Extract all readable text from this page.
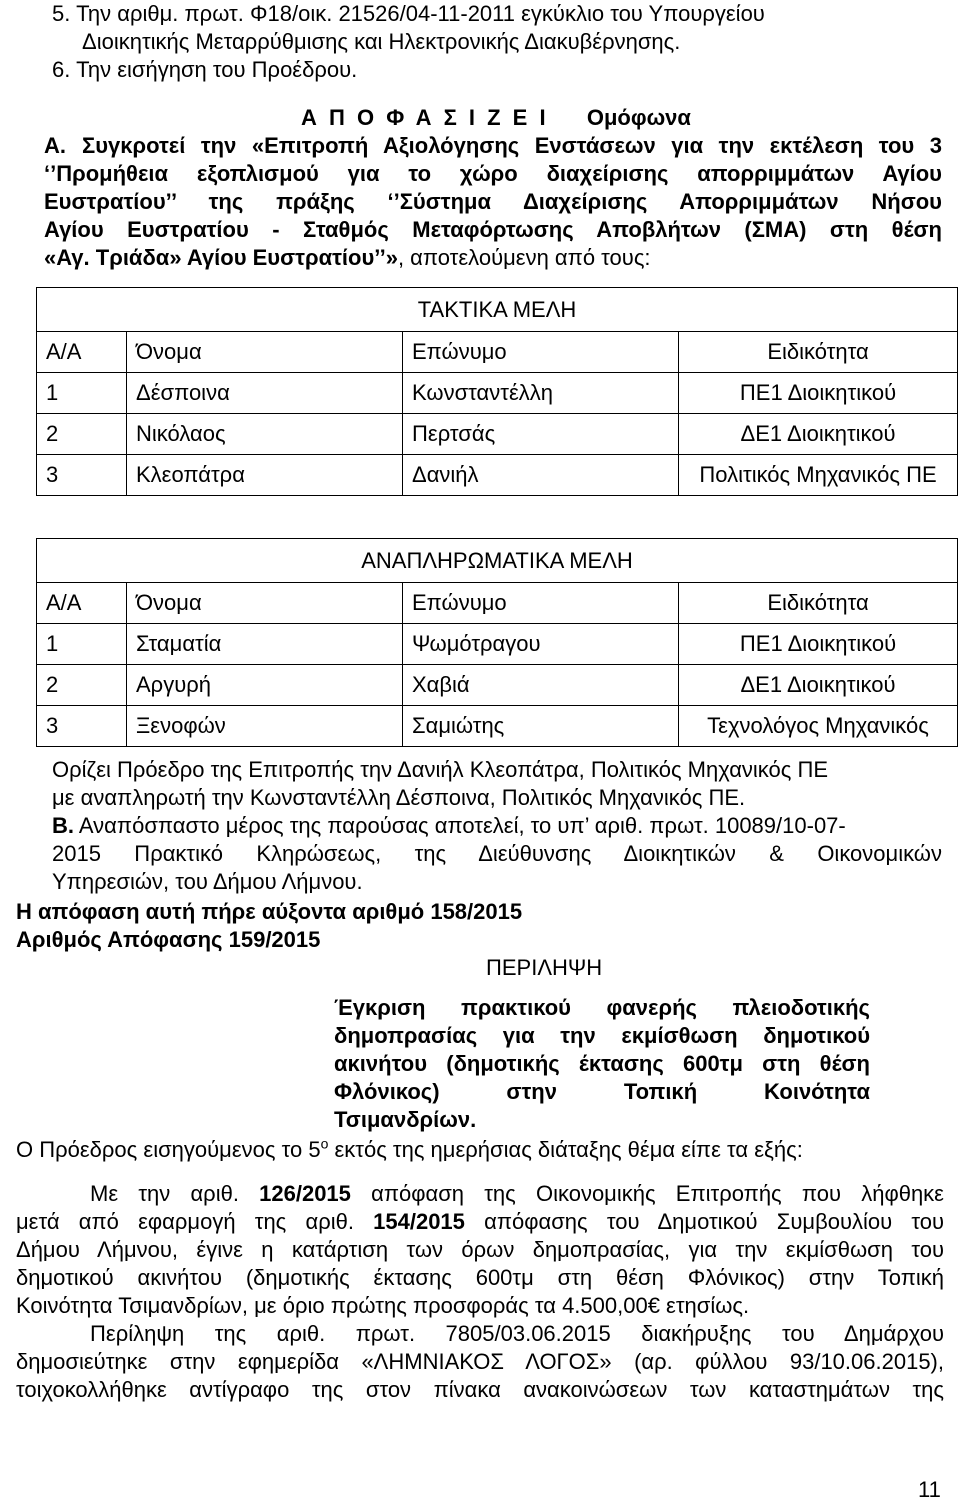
5. Την αριθμ. πρωτ. Φ18/οικ. 21526/04-11-2011 εγκύκλιο του Υπουργείου
Διοικητικής Μεταρρύθμισης και Ηλεκτρονικής Διακυβέρνησης.
6. Την εισήγηση του Προέδρου.
Α Π Ο Φ Α Σ Ι Ζ Ε Ι Ομόφωνα
Α.
‘’Προμήθεια εξοπλισμού για το χώρο διαχείρισης απορριμμάτων Αγίου
Ευστρατίου’’ της πράξης ‘’Σύστημα Διαχείρισης Απορριμμάτων Νήσου
Αγίου Ευστρατίου - Σταθμός Μεταφόρτωσης Αποβλήτων (ΣΜΑ) στη θέση
Συγκροτεί την «Επιτροπή Αξιολόγησης Ενστάσεων για την εκτέλεση του 3
«Αγ. Τριάδα» Αγίου Ευστρατίου’’», αποτελούμενη από τους:
ΤΑΚΤΙΚΑ ΜΕΛΗ			
Α/Α	Όνομα	Επώνυμο	Ειδικότητα
1	Δέσποινα	Κωνσταντέλλη	ΠΕ1 Διοικητικού
2	Νικόλαος	Περτσάς	ΔΕ1 Διοικητικού
3	Κλεοπάτρα	Δανιήλ	Πολιτικός Μηχανικός ΠΕ
ΑΝΑΠΛΗΡΩΜΑΤΙΚΑ ΜΕΛΗ			
Α/Α	Όνομα	Επώνυμο	Ειδικότητα
1	Σταματία	Ψωμότραγου	ΠΕ1 Διοικητικού
2	Αργυρή	Χαβιά	ΔΕ1 Διοικητικού
3	Ξενοφών	Σαμιώτης	Τεχνολόγος Μηχανικός
Ορίζει Πρόεδρο της Επιτροπής την Δανιήλ Κλεοπάτρα, Πολιτικός Μηχανικός ΠΕ
με αναπληρωτή την Κωνσταντέλλη Δέσποινα, Πολιτικός Μηχανικός ΠΕ.
Β. Αναπόσπαστο μέρος της παρούσας αποτελεί, το υπ’ αριθ. πρωτ. 10089/10-07-
2015 Πρακτικό Κληρώσεως, της Διεύθυνσης Διοικητικών & Οικονομικών
Υπηρεσιών, του Δήμου Λήμνου.
Η απόφαση αυτή πήρε αύξοντα αριθμό 158/2015
Αριθμός Απόφασης 159/2015
ΠΕΡΙΛΗΨΗ
Έγκριση πρακτικού φανερής πλειοδοτικής
δημοπρασίας για την εκμίσθωση δημοτικού
ακινήτου (δημοτικής έκτασης 600τμ στη θέση
Φλόνικος) στην Τοπική Κοινότητα
Τσιμανδρίων.
Ο Πρόεδρος εισηγούμενος το $5^o$ εκτός της ημερήσιας διάταξης θέμα είπε τα εξής:
Με την αριθ. 126/2015 απόφαση της Οικονομικής Επιτροπής που λήφθηκε
μετά από εφαρμογή της αριθ. 154/2015 απόφασης του Δημοτικού Συμβουλίου του
Δήμου Λήμνου, έγινε η κατάρτιση των όρων δημοπρασίας, για την εκμίσθωση του
δημοτικού ακινήτου (δημοτικής έκτασης 600τμ στη θέση Φλόνικος) στην Τοπική
Κοινότητα Τσιμανδρίων, με όριο πρώτης προσφοράς τα 4.500,00€ ετησίως.
Περίληψη της αριθ. πρωτ. 7805/03.06.2015 διακήρυξης του Δημάρχου
δημοσιεύτηκε στην εφημερίδα «ΛΗΜΝΙΑΚΟΣ ΛΟΓΟΣ» (αρ. φύλλου 93/10.06.2015),
τοιχοκολλήθηκε αντίγραφο της στον πίνακα ανακοινώσεων των καταστημάτων της
11
